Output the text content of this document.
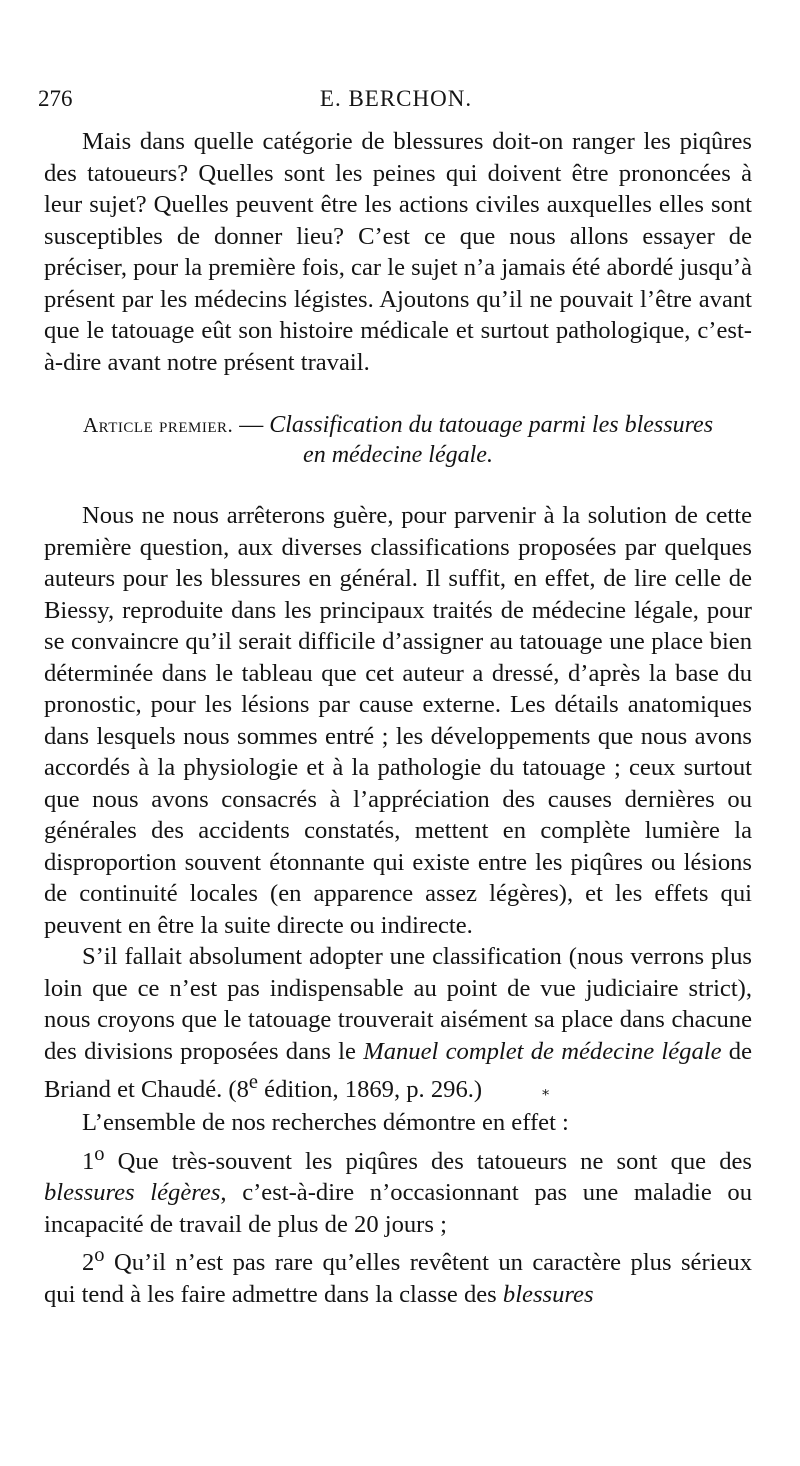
276	E. BERCHON.

Mais dans quelle catégorie de blessures doit-on ranger les piqûres des tatoueurs? Quelles sont les peines qui doivent être prononcées à leur sujet? Quelles peuvent être les actions civiles auxquelles elles sont susceptibles de donner lieu? C’est ce que nous allons essayer de préciser, pour la première fois, car le sujet n’a jamais été abordé jusqu’à présent par les médecins légistes. Ajoutons qu’il ne pouvait l’être avant que le tatouage eût son histoire médicale et surtout pathologique, c’est-à-dire avant notre présent travail.

Article premier. — Classification du tatouage parmi les blessures
en médecine légale.

Nous ne nous arrêterons guère, pour parvenir à la solution de cette première question, aux diverses classifications proposées par quelques auteurs pour les blessures en général. Il suffit, en effet, de lire celle de Biessy, reproduite dans les principaux traités de médecine légale, pour se convaincre qu’il serait difficile d’assigner au tatouage une place bien déterminée dans le tableau que cet auteur a dressé, d’après la base du pronostic, pour les lésions par cause externe. Les détails anatomiques dans lesquels nous sommes entré ; les développements que nous avons accordés à la physiologie et à la pathologie du tatouage ; ceux surtout que nous avons consacrés à l’appréciation des causes dernières ou générales des accidents constatés, mettent en complète lumière la disproportion souvent étonnante qui existe entre les piqûres ou lésions de continuité locales (en apparence assez légères), et les effets qui peuvent en être la suite directe ou indirecte.

S’il fallait absolument adopter une classification (nous verrons plus loin que ce n’est pas indispensable au point de vue judiciaire strict), nous croyons que le tatouage trouverait aisément sa place dans chacune des divisions proposées dans le Manuel complet de médecine légale de Briand et Chaudé. (8e édition, 1869, p. 296.)	⁎

L’ensemble de nos recherches démontre en effet :

1$^o$ Que très-souvent les piqûres des tatoueurs ne sont que des blessures légères, c’est-à-dire n’occasionnant pas une maladie ou incapacité de travail de plus de 20 jours ;

2$^o$ Qu’il n’est pas rare qu’elles revêtent un caractère plus sérieux qui tend à les faire admettre dans la classe des blessures
